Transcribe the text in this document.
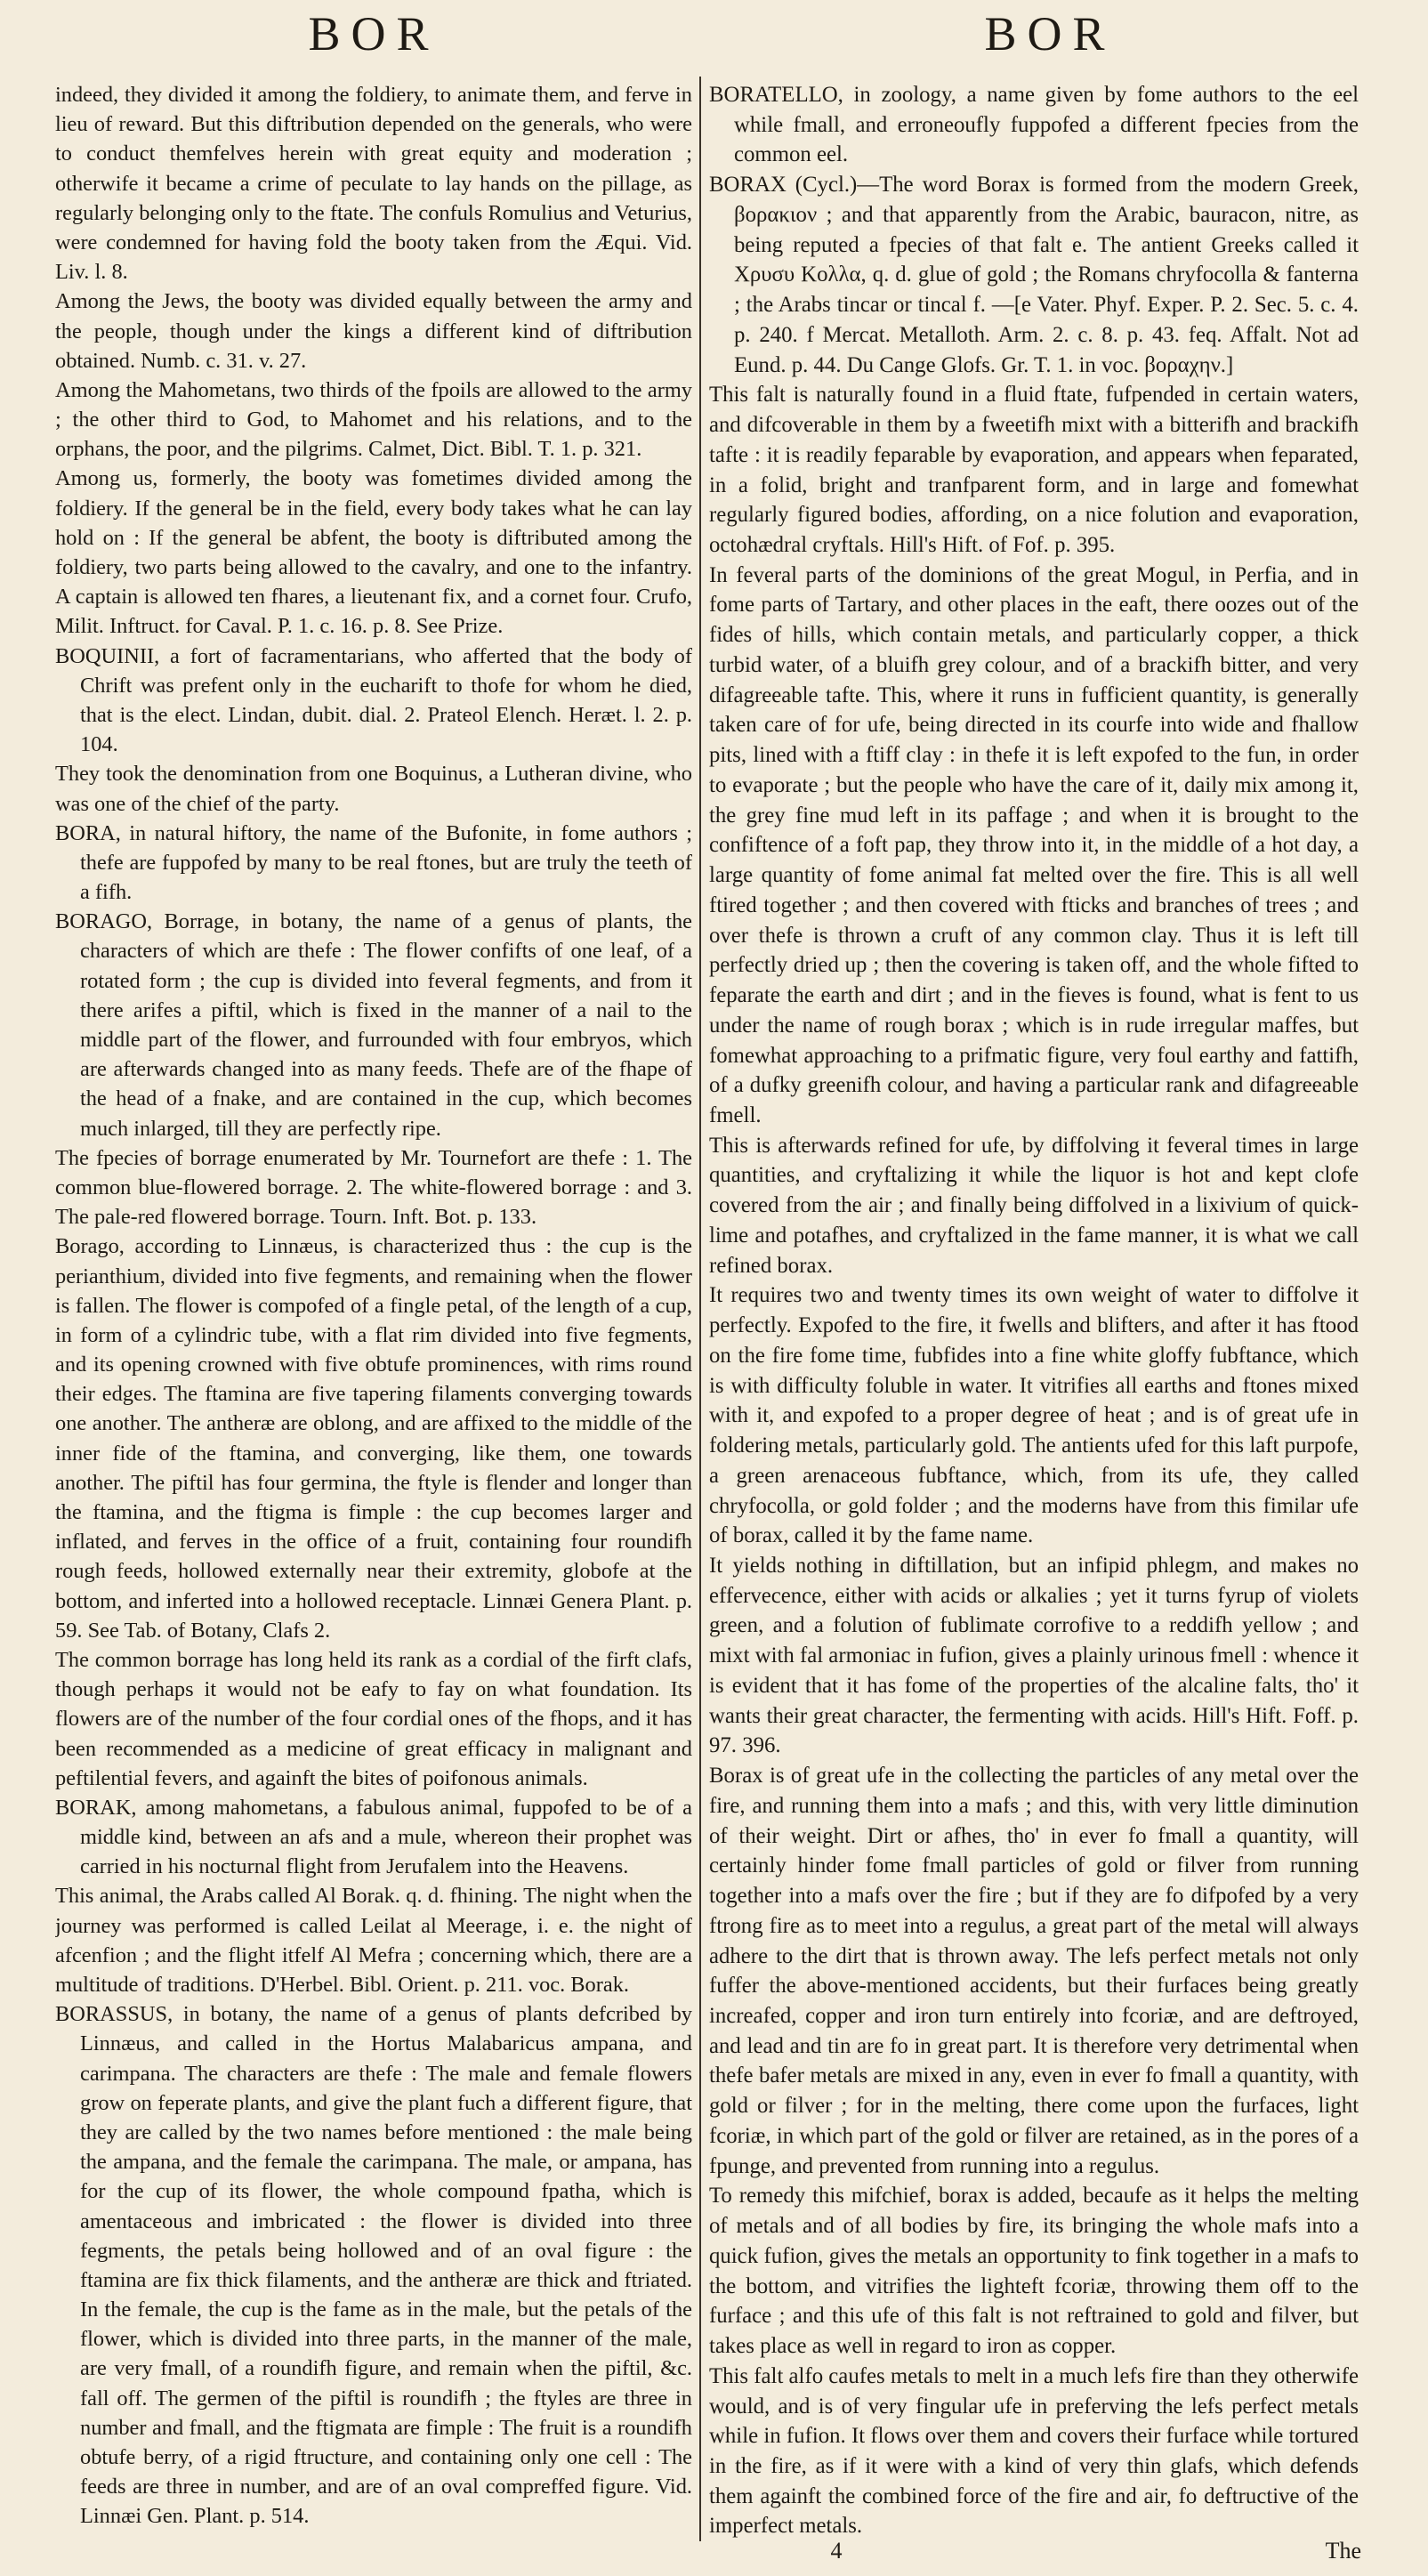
BOR	BOR

indeed, they divided it among the foldiery, to animate them, and ferve in lieu of reward. But this diftribution depended on the generals, who were to conduct themfelves herein with great equity and moderation ; otherwife it became a crime of peculate to lay hands on the pillage, as regularly belonging only to the ftate. The confuls Romulius and Veturius, were condemned for having fold the booty taken from the Æqui. Vid. Liv. l. 8.

Among the Jews, the booty was divided equally between the army and the people, though under the kings a different kind of diftribution obtained. Numb. c. 31. v. 27.

Among the Mahometans, two thirds of the fpoils are allowed to the army ; the other third to God, to Mahomet and his relations, and to the orphans, the poor, and the pilgrims. Calmet, Dict. Bibl. T. 1. p. 321.

Among us, formerly, the booty was fometimes divided among the foldiery. If the general be in the field, every body takes what he can lay hold on : If the general be abfent, the booty is diftributed among the foldiery, two parts being allowed to the cavalry, and one to the infantry. A captain is allowed ten fhares, a lieutenant fix, and a cornet four. Crufo, Milit. Inftruct. for Caval. P. 1. c. 16. p. 8. See Prize.

BOQUINII, a fort of facramentarians, who afferted that the body of Chrift was prefent only in the eucharift to thofe for whom he died, that is the elect. Lindan, dubit. dial. 2. Prateol Elench. Heræt. l. 2. p. 104.

They took the denomination from one Boquinus, a Lutheran divine, who was one of the chief of the party.

BORA, in natural hiftory, the name of the Bufonite, in fome authors ; thefe are fuppofed by many to be real ftones, but are truly the teeth of a fifh.

BORAGO, Borrage, in botany, the name of a genus of plants, the characters of which are thefe : The flower confifts of one leaf, of a rotated form ; the cup is divided into feveral fegments, and from it there arifes a piftil, which is fixed in the manner of a nail to the middle part of the flower, and furrounded with four embryos, which are afterwards changed into as many feeds. Thefe are of the fhape of the head of a fnake, and are contained in the cup, which becomes much inlarged, till they are perfectly ripe.

The fpecies of borrage enumerated by Mr. Tournefort are thefe : 1. The common blue-flowered borrage. 2. The white-flowered borrage : and 3. The pale-red flowered borrage. Tourn. Inft. Bot. p. 133.

Borago, according to Linnæus, is characterized thus : the cup is the perianthium, divided into five fegments, and remaining when the flower is fallen. The flower is compofed of a fingle petal, of the length of a cup, in form of a cylindric tube, with a flat rim divided into five fegments, and its opening crowned with five obtufe prominences, with rims round their edges. The ftamina are five tapering filaments converging towards one another. The antheræ are oblong, and are affixed to the middle of the inner fide of the ftamina, and converging, like them, one towards another. The piftil has four germina, the ftyle is flender and longer than the ftamina, and the ftigma is fimple : the cup becomes larger and inflated, and ferves in the office of a fruit, containing four roundifh rough feeds, hollowed externally near their extremity, globofe at the bottom, and inferted into a hollowed receptacle. Linnæi Genera Plant. p. 59. See Tab. of Botany, Clafs 2.

The common borrage has long held its rank as a cordial of the firft clafs, though perhaps it would not be eafy to fay on what foundation. Its flowers are of the number of the four cordial ones of the fhops, and it has been recommended as a medicine of great efficacy in malignant and peftilential fevers, and againft the bites of poifonous animals.

BORAK, among mahometans, a fabulous animal, fuppofed to be of a middle kind, between an afs and a mule, whereon their prophet was carried in his nocturnal flight from Jerufalem into the Heavens.

This animal, the Arabs called Al Borak. q. d. fhining. The night when the journey was performed is called Leilat al Meerage, i. e. the night of afcenfion ; and the flight itfelf Al Mefra ; concerning which, there are a multitude of traditions. D'Herbel. Bibl. Orient. p. 211. voc. Borak.

BORASSUS, in botany, the name of a genus of plants defcribed by Linnæus, and called in the Hortus Malabaricus ampana, and carimpana. The characters are thefe : The male and female flowers grow on feperate plants, and give the plant fuch a different figure, that they are called by the two names before mentioned : the male being the ampana, and the female the carimpana. The male, or ampana, has for the cup of its flower, the whole compound fpatha, which is amentaceous and imbricated : the flower is divided into three fegments, the petals being hollowed and of an oval figure : the ftamina are fix thick filaments, and the antheræ are thick and ftriated. In the female, the cup is the fame as in the male, but the petals of the flower, which is divided into three parts, in the manner of the male, are very fmall, of a roundifh figure, and remain when the piftil, &c. fall off. The germen of the piftil is roundifh ; the ftyles are three in number and fmall, and the ftigmata are fimple : The fruit is a roundifh obtufe berry, of a rigid ftructure, and containing only one cell : The feeds are three in number, and are of an oval compreffed figure. Vid. Linnæi Gen. Plant. p. 514.

BORATELLO, in zoology, a name given by fome authors to the eel while fmall, and erroneoufly fuppofed a different fpecies from the common eel.

BORAX (Cycl.)—The word Borax is formed from the modern Greek, βορακιον ; and that apparently from the Arabic, bauracon, nitre, as being reputed a fpecies of that falt e. The antient Greeks called it Χρυσυ Κολλα, q. d. glue of gold ; the Romans chryfocolla & fanterna ; the Arabs tincar or tincal f. —[e Vater. Phyf. Exper. P. 2. Sec. 5. c. 4. p. 240. f Mercat. Metalloth. Arm. 2. c. 8. p. 43. feq. Affalt. Not ad Eund. p. 44. Du Cange Glofs. Gr. T. 1. in voc. βοραχην.]

This falt is naturally found in a fluid ftate, fufpended in certain waters, and difcoverable in them by a fweetifh mixt with a bitterifh and brackifh tafte : it is readily feparable by evaporation, and appears when feparated, in a folid, bright and tranfparent form, and in large and fomewhat regularly figured bodies, affording, on a nice folution and evaporation, octohædral cryftals. Hill's Hift. of Fof. p. 395.

In feveral parts of the dominions of the great Mogul, in Perfia, and in fome parts of Tartary, and other places in the eaft, there oozes out of the fides of hills, which contain metals, and particularly copper, a thick turbid water, of a bluifh grey colour, and of a brackifh bitter, and very difagreeable tafte. This, where it runs in fufficient quantity, is generally taken care of for ufe, being directed in its courfe into wide and fhallow pits, lined with a ftiff clay : in thefe it is left expofed to the fun, in order to evaporate ; but the people who have the care of it, daily mix among it, the grey fine mud left in its paffage ; and when it is brought to the confiftence of a foft pap, they throw into it, in the middle of a hot day, a large quantity of fome animal fat melted over the fire. This is all well ftired together ; and then covered with fticks and branches of trees ; and over thefe is thrown a cruft of any common clay. Thus it is left till perfectly dried up ; then the covering is taken off, and the whole fifted to feparate the earth and dirt ; and in the fieves is found, what is fent to us under the name of rough borax ; which is in rude irregular maffes, but fomewhat approaching to a prifmatic figure, very foul earthy and fattifh, of a dufky greenifh colour, and having a particular rank and difagreeable fmell.

This is afterwards refined for ufe, by diffolving it feveral times in large quantities, and cryftalizing it while the liquor is hot and kept clofe covered from the air ; and finally being diffolved in a lixivium of quick-lime and potafhes, and cryftalized in the fame manner, it is what we call refined borax.

It requires two and twenty times its own weight of water to diffolve it perfectly. Expofed to the fire, it fwells and blifters, and after it has ftood on the fire fome time, fubfides into a fine white gloffy fubftance, which is with difficulty foluble in water. It vitrifies all earths and ftones mixed with it, and expofed to a proper degree of heat ; and is of great ufe in foldering metals, particularly gold. The antients ufed for this laft purpofe, a green arenaceous fubftance, which, from its ufe, they called chryfocolla, or gold folder ; and the moderns have from this fimilar ufe of borax, called it by the fame name.

It yields nothing in diftillation, but an infipid phlegm, and makes no effervecence, either with acids or alkalies ; yet it turns fyrup of violets green, and a folution of fublimate corrofive to a reddifh yellow ; and mixt with fal armoniac in fufion, gives a plainly urinous fmell : whence it is evident that it has fome of the properties of the alcaline falts, tho' it wants their great character, the fermenting with acids. Hill's Hift. Foff. p. 97. 396.

Borax is of great ufe in the collecting the particles of any metal over the fire, and running them into a mafs ; and this, with very little diminution of their weight. Dirt or afhes, tho' in ever fo fmall a quantity, will certainly hinder fome fmall particles of gold or filver from running together into a mafs over the fire ; but if they are fo difpofed by a very ftrong fire as to meet into a regulus, a great part of the metal will always adhere to the dirt that is thrown away. The lefs perfect metals not only fuffer the above-mentioned accidents, but their furfaces being greatly increafed, copper and iron turn entirely into fcoriæ, and are deftroyed, and lead and tin are fo in great part. It is therefore very detrimental when thefe bafer metals are mixed in any, even in ever fo fmall a quantity, with gold or filver ; for in the melting, there come upon the furfaces, light fcoriæ, in which part of the gold or filver are retained, as in the pores of a fpunge, and prevented from running into a regulus.

To remedy this mifchief, borax is added, becaufe as it helps the melting of metals and of all bodies by fire, its bringing the whole mafs into a quick fufion, gives the metals an opportunity to fink together in a mafs to the bottom, and vitrifies the lighteft fcoriæ, throwing them off to the furface ; and this ufe of this falt is not reftrained to gold and filver, but takes place as well in regard to iron as copper.

This falt alfo caufes metals to melt in a much lefs fire than they otherwife would, and is of very fingular ufe in preferving the lefs perfect metals while in fufion. It flows over them and covers their furface while tortured in the fire, as if it were with a kind of very thin glafs, which defends them againft the combined force of the fire and air, fo deftructive of the imperfect metals.

4	The
